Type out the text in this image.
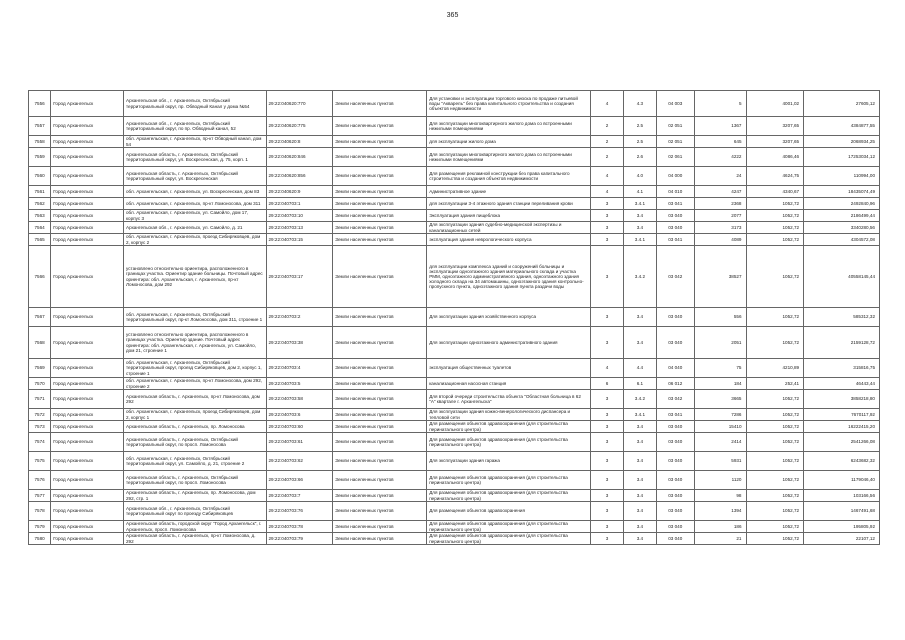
365
7556	Город Архангельск	Архангельская обл., г. Архангельск, Октябрьский территориальный округ, пр. Обводный Канал у дома №54	29:22:040620:770	Земли населенных пунктов	Для установки и эксплуатации торгового киоска по продаже питьевой воды "Акварель" без права капитального строительства и создания объектов недвижимости	4	4.3	04 003	5	4001,02	27605,12
7557	Город Архангельск	Архангельская обл., г. Архангельск, Октябрьский территориальный округ, по пр. Обводный канал, 52	29:22:040620:775	Земли населенных пунктов	Для эксплуатации многоквартирного жилого дома со встроенными нежилыми помещениями	2	2.5	02 051	1367	3207,65	4384877,55
7558	Город Архангельск	обл. Архангельская, г. Архангельск, пр-кт Обводный канал, дом 54	29:22:040620:8	Земли населенных пунктов	для эксплуатации жилого дома	2	2.5	02 051	645	3207,65	2068934,25
7559	Город Архангельск	Архангельская область, г. Архангельск, Октябрьский территориальный округ, ул. Воскресенская, д. 75, корп. 1	29:22:040620:846	Земли населенных пунктов	Для эксплуатации многоквартирного жилого дома со встроенными нежилыми помещениями	2	2.6	02 061	4222	4086,46	17253034,12
7560	Город Архангельск	Архангельская область, г. Архангельск, Октябрьский территориальный округ, ул. Воскресенская	29:22:040620:856	Земли населенных пунктов	Для размещения рекламной конструкции без права капитального строительства и создания объектов недвижимости	4	4.0	04 000	24	4624,75	110994,00
7561	Город Архангельск	обл. Архангельская, г. Архангельск, ул. Воскресенская, дом 83	29:22:040620:9	Земли населенных пунктов	Административное здание	4	4.1	04 010	4247	4340,67	18435074,49
7562	Город Архангельск	обл. Архангельская, г. Архангельск, пр-кт Ломоносова, дом 311	29:22:040703:1	Земли населенных пунктов	для эксплуатации 3-4 этажного здания станции переливания крови	3	3.4.1	03 041	2368	1052,72	2492840,96
7563	Город Архангельск	обл. Архангельская, г. Архангельск, ул. Самойло, дом 17, корпус 3	29:22:040703:10	Земли населенных пунктов	Эксплуатация здания пищеблока	3	3.4	03 040	2077	1052,72	2186499,44
7564	Город Архангельск	Архангельская обл., г. Архангельск, ул. Самойло, д. 21	29:22:040703:13	Земли населенных пунктов	Для эксплуатации здания судебно-медицинской экспертизы и канализационных сетей	3	3.4	03 040	3173	1052,72	3340280,56
7565	Город Архангельск	обл. Архангельская, г. Архангельск, проезд Сибиряковцев, дом 2, корпус 2	29:22:040703:15	Земли населенных пунктов	эксплуатация здания неврологического корпуса	3	3.4.1	03 041	4089	1052,72	4304572,08
7566	Город Архангельск	установлено относительно ориентира, расположенного в границах участка. Ориентир здание больницы. Почтовый адрес ориентира: обл. Архангельская, г. Архангельск, пр-кт Ломоносова, дом 292	29:22:040703:17	Земли населенных пунктов	для эксплуатации комплекса зданий и сооружений больницы и эксплуатации одноэтажного здания материального склада и участка РММ, одноэтажного административного здания, одноэтажного здания холодного склада на 34 автомашины, одноэтажного здания контрольно-пропускного пункта, одноэтажного здания пункта раздачи воды	3	3.4.2	03 042	38527	1052,72	40558145,44
7567	Город Архангельск	обл. Архангельская, г. Архангельск, Октябрьский территориальный округ, пр-кт Ломоносова, дом 311, строение 1	29:22:040703:2	Земли населенных пунктов	Для эксплуатации здания хозяйственного корпуса	3	3.4	03 040	556	1052,72	585312,32
7568	Город Архангельск	установлено относительно ориентира, расположенного в границах участка. Ориентир здание. Почтовый адрес ориентира: обл. Архангельская, г. Архангельск, ул. Самойло, дом 21, строение 1	29:22:040703:38	Земли населенных пунктов	Для эксплуатации одноэтажного административного здания	3	3.4	03 040	2051	1052,72	2159128,72
7569	Город Архангельск	обл. Архангельская, г. Архангельск, Октябрьский территориальный округ, проезд Сибиряковцев, дом 2, корпус 1, строение 1	29:22:040703:4	Земли населенных пунктов	эксплуатация общественных туалетов	4	4.4	04 040	75	4210,89	315816,75
7570	Город Архангельск	обл. Архангельская, г. Архангельск, пр-кт Ломоносова, дом 292, строение 2	29:22:040703:5	Земли населенных пунктов	канализационная насосная станция	6	6.1	06 012	184	252,41	46443,44
7571	Город Архангельск	Архангельская область, г. Архангельск, пр-кт Ломоносова, дом 292	29:22:040703:58	Земли населенных пунктов	Для второй очереди строительства объекта "Областная больница в 62 "А" квартале г. Архангельска"	3	3.4.2	03 042	3665	1052,72	3858218,80
7572	Город Архангельск	обл. Архангельская, г. Архангельск, проезд Сибиряковцев, дом 2, корпус 1	29:22:040703:6	Земли населенных пунктов	Для эксплуатации здания кожно-венерологического диспансера и тепловой сети	3	3.4.1	03 041	7286	1052,72	7670117,92
7573	Город Архангельск	Архангельская область, г. Архангельск, пр. Ломоносова	29:22:040703:60	Земли населенных пунктов	Для размещения объектов здравоохранения (для строительства перинатального центра)	3	3.4	03 040	15410	1052,72	16222415,20
7574	Город Архангельск	Архангельская область, г. Архангельск, Октябрьский территориальный округ, по просп. Ломоносова	29:22:040703:61	Земли населенных пунктов	Для размещения объектов здравоохранения (для строительства перинатального центра)	3	3.4	03 040	2414	1052,72	2541266,08
7575	Город Архангельск	обл. Архангельская, г. Архангельск, Октябрьский территориальный округ, ул. Самойло, д. 21, строение 2	29:22:040703:62	Земли населенных пунктов	Для эксплуатации здания гаража	3	3.4	03 040	5931	1052,72	6243682,32
7576	Город Архангельск	Архангельская область, г. Архангельск, Октябрьский территориальный округ, по просп. Ломоносова	29:22:040703:66	Земли населенных пунктов	Для размещения объектов здравоохранения (для строительства перинатального центра)	3	3.4	03 040	1120	1052,72	1179046,40
7577	Город Архангельск	Архангельская область, г. Архангельск, пр. Ломоносова, дом 292, стр. 1	29:22:040703:7	Земли населенных пунктов	Для размещения объектов здравоохранения (для строительства перинатального центра)	3	3.4	03 040	98	1052,72	103166,56
7578	Город Архангельск	Архангельская обл., г. Архангельск, Октябрьский территориальный округ по проезду Сибиряковцев	29:22:040703:76	Земли населенных пунктов	Для размещения объектов здравоохранения	3	3.4	03 040	1394	1052,72	1467491,68
7579	Город Архангельск	Архангельская область, городской округ "Город Архангельск", г. Архангельск, просп. Ломоносова	29:22:040703:78	Земли населенных пунктов	Для размещения объектов здравоохранения (для строительства перинатального центра)	3	3.4	03 040	186	1052,72	195805,92
7580	Город Архангельск	Архангельская область, г. Архангельск, пр-кт Ломоносова, д. 292	29:22:040703:79	Земли населенных пунктов	Для размещения объектов здравоохранения (для строительства перинатального центра)	3	3.4	03 040	21	1052,72	22107,12
